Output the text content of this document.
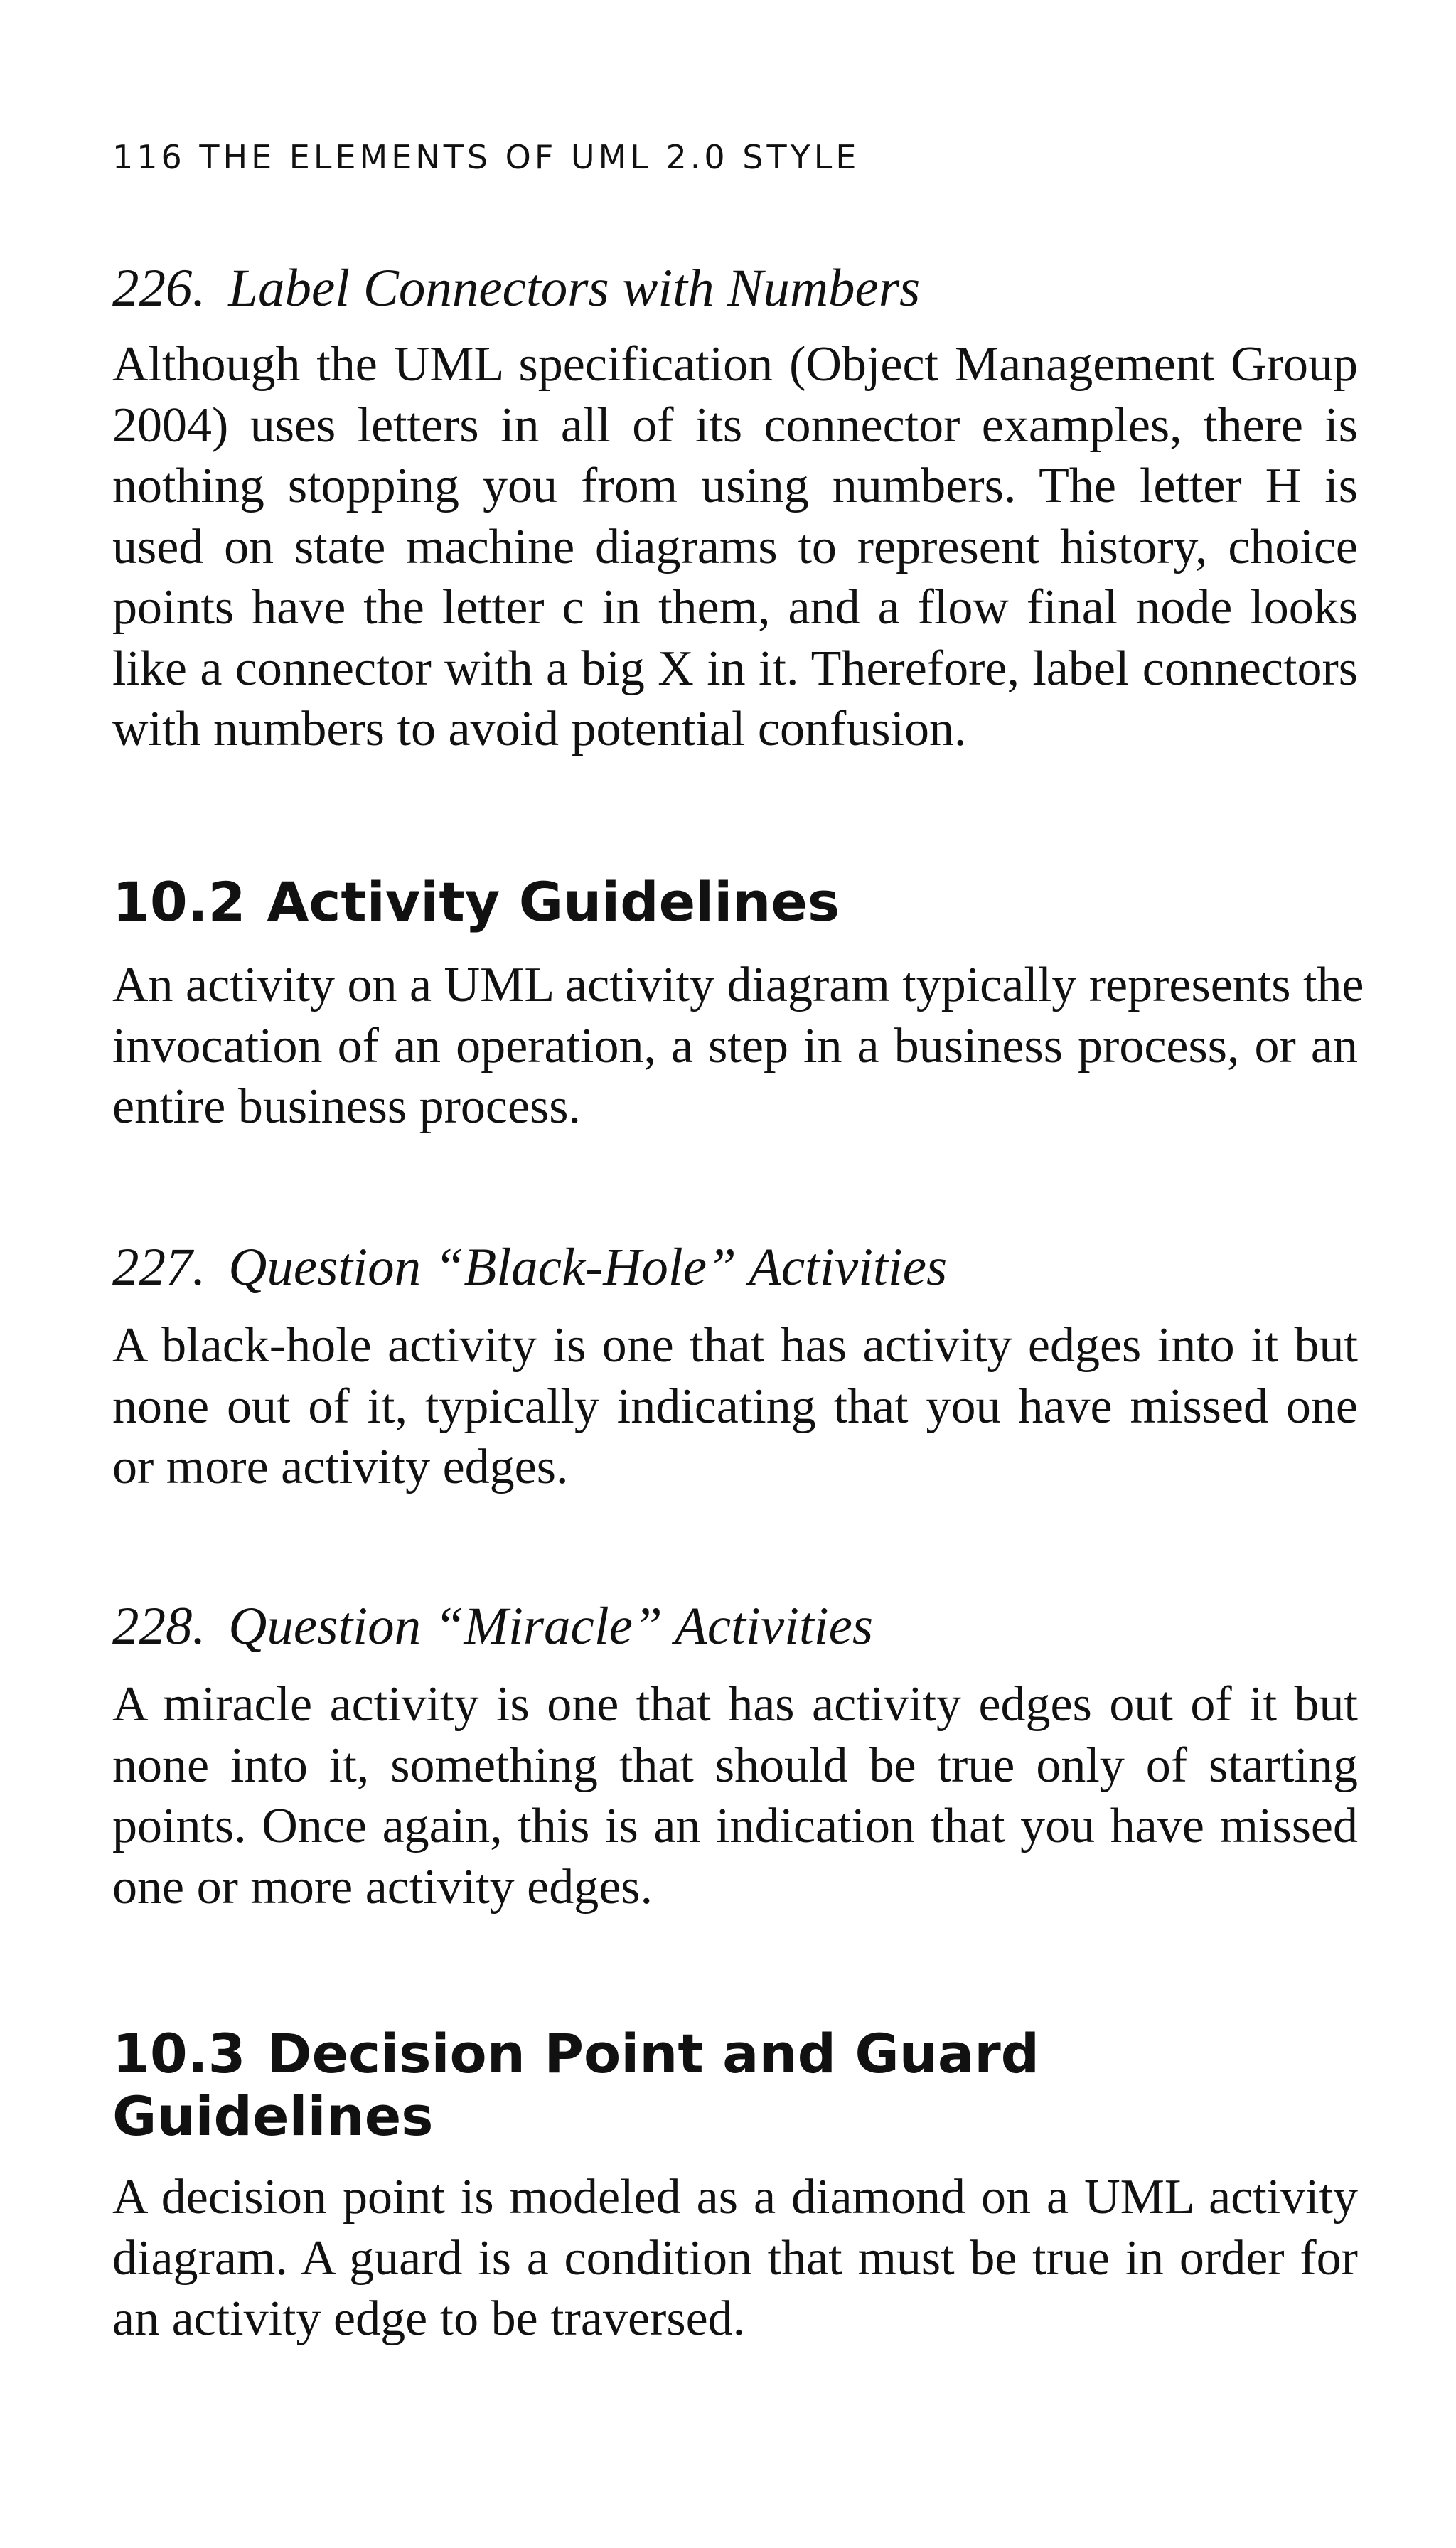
116 THE ELEMENTS OF UML 2.0 STYLE
226. Label Connectors with Numbers
Although the UML specification (Object Management Group
2004) uses letters in all of its connector examples, there is
nothing stopping you from using numbers. The letter H is
used on state machine diagrams to represent history, choice
points have the letter c in them, and a flow final node looks
like a connector with a big X in it. Therefore, label connectors
with numbers to avoid potential confusion.
10.2 Activity Guidelines
An activity on a UML activity diagram typically represents the
invocation of an operation, a step in a business process, or an
entire business process.
227. Question “Black-Hole” Activities
A black-hole activity is one that has activity edges into it but
none out of it, typically indicating that you have missed one
or more activity edges.
228. Question “Miracle” Activities
A miracle activity is one that has activity edges out of it but
none into it, something that should be true only of starting
points. Once again, this is an indication that you have missed
one or more activity edges.
10.3 Decision Point and Guard
Guidelines
A decision point is modeled as a diamond on a UML activity
diagram. A guard is a condition that must be true in order for
an activity edge to be traversed.
